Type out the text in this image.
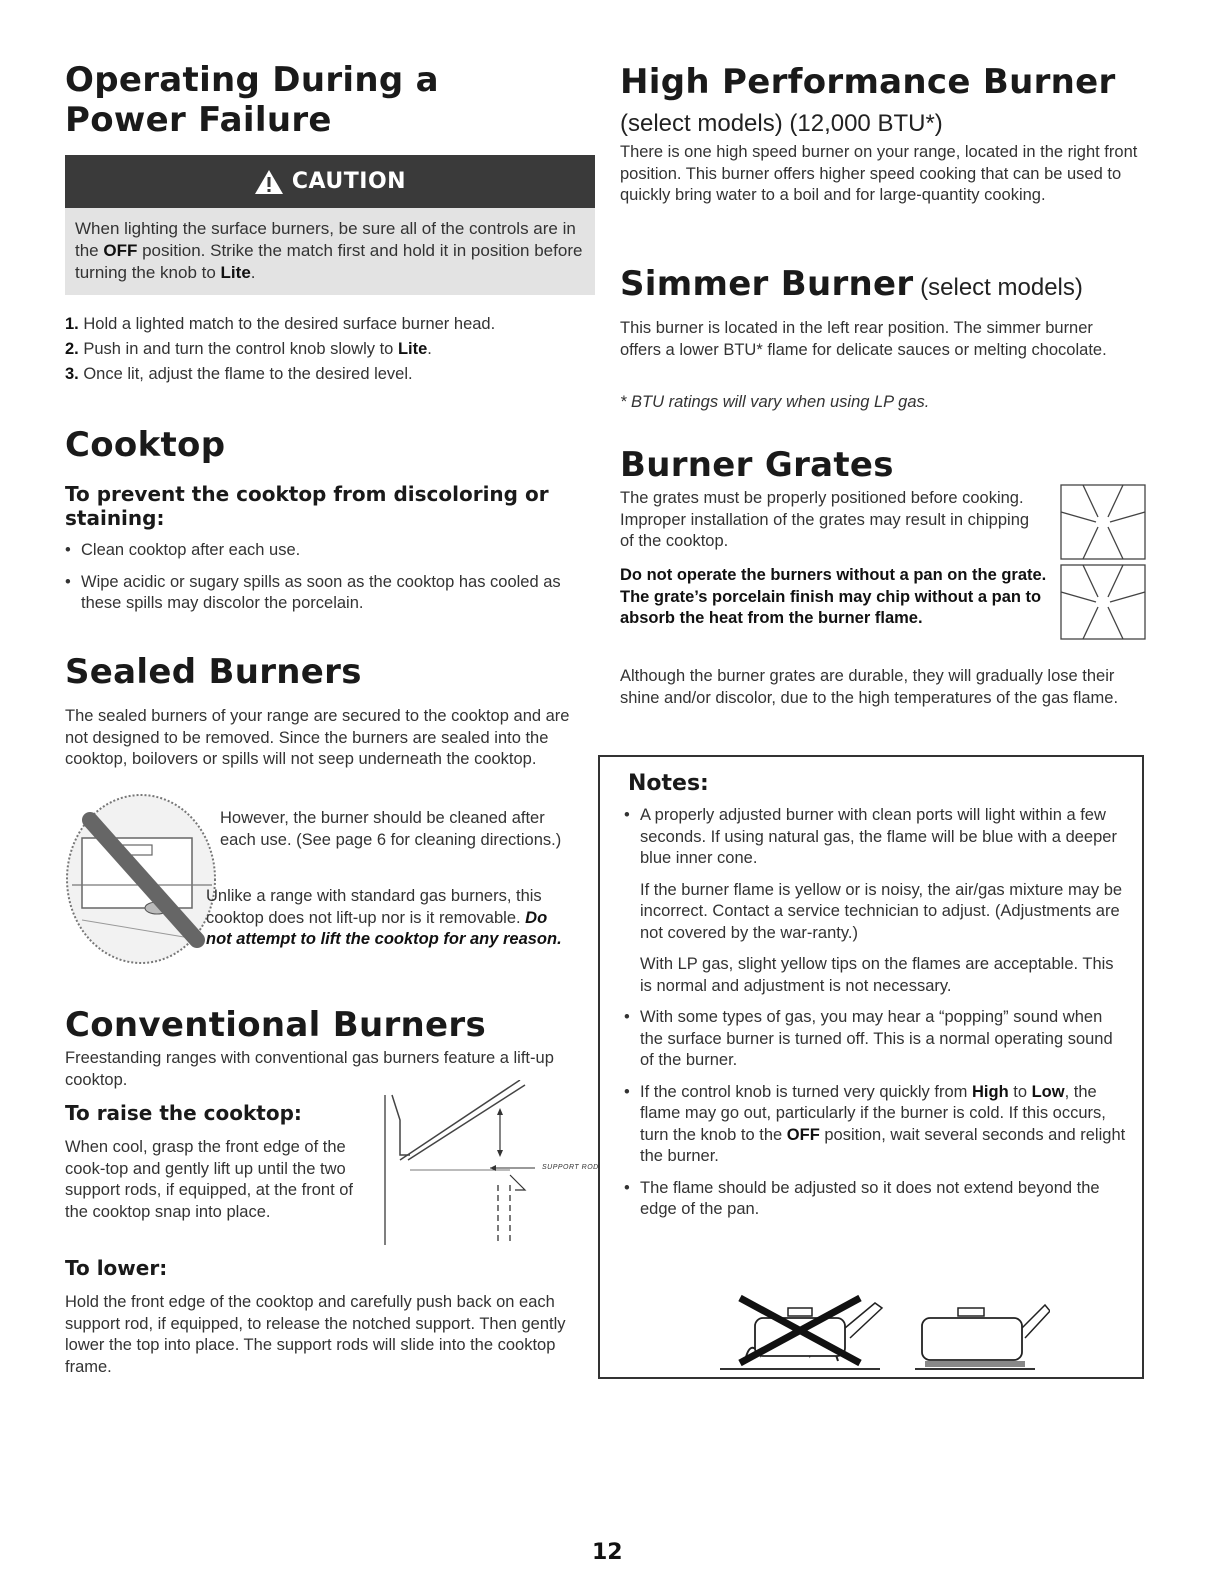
Operating During a
Power Failure
CAUTION
When lighting the surface burners, be sure all of the controls are in the OFF position. Strike the match first and hold it in position before turning the knob to Lite.
1. Hold a lighted match to the desired surface burner head.
2. Push in and turn the control knob slowly to Lite.
3. Once lit, adjust the flame to the desired level.
Cooktop
To prevent the cooktop from discoloring or staining:
• Clean cooktop after each use.
• Wipe acidic or sugary spills as soon as the cooktop has cooled as these spills may discolor the porcelain.
Sealed Burners

The sealed burners of your range are secured to the cooktop and are not designed to be removed. Since the burners are sealed into the cooktop, boilovers or spills will not seep underneath the cooktop.

However, the burner should be cleaned after each use. (See page 6 for cleaning directions.)

Unlike a range with standard gas burners, this cooktop does not lift-up nor is it removable. Do not attempt to lift the cooktop for any reason.

Conventional Burners

Freestanding ranges with conventional gas burners feature a lift-up cooktop.

To raise the cooktop:

When cool, grasp the front edge of the cook-top and gently lift up until the two support rods, if equipped, at the front of the cooktop snap into place.

SUPPORT ROD
To lower:

Hold the front edge of the cooktop and carefully push back on each support rod, if equipped, to release the notched support. Then gently lower the top into place. The support rods will slide into the cooktop frame.

High Performance Burner
(select models) (12,000 BTU*)

There is one high speed burner on your range, located in the right front position. This burner offers higher speed cooking that can be used to quickly bring water to a boil and for large-quantity cooking.

Simmer Burner (select models)

This burner is located in the left rear position. The simmer burner offers a lower BTU* flame for delicate sauces or melting chocolate.

* BTU ratings will vary when using LP gas.

Burner Grates

The grates must be properly positioned before cooking. Improper installation of the grates may result in chipping of the cooktop.

Do not operate the burners without a pan on the grate. The grate’s porcelain finish may chip without a pan to absorb the heat from the burner flame.

Although the burner grates are durable, they will gradually lose their shine and/or discolor, due to the high temperatures of the gas flame.

Notes:
• A properly adjusted burner with clean ports will light within a few seconds. If using natural gas, the flame will be blue with a deeper blue inner cone.

If the burner flame is yellow or is noisy, the air/gas mixture may be incorrect. Contact a service technician to adjust. (Adjustments are not covered by the war-ranty.)

With LP gas, slight yellow tips on the flames are acceptable. This is normal and adjustment is not necessary.

• With some types of gas, you may hear a “popping” sound when the surface burner is turned off. This is a normal operating sound of the burner.
• If the control knob is turned very quickly from High to Low, the flame may go out, particularly if the burner is cold. If this occurs, turn the knob to the OFF position, wait several seconds and relight the burner.
• The flame should be adjusted so it does not extend beyond the edge of the pan.
12
